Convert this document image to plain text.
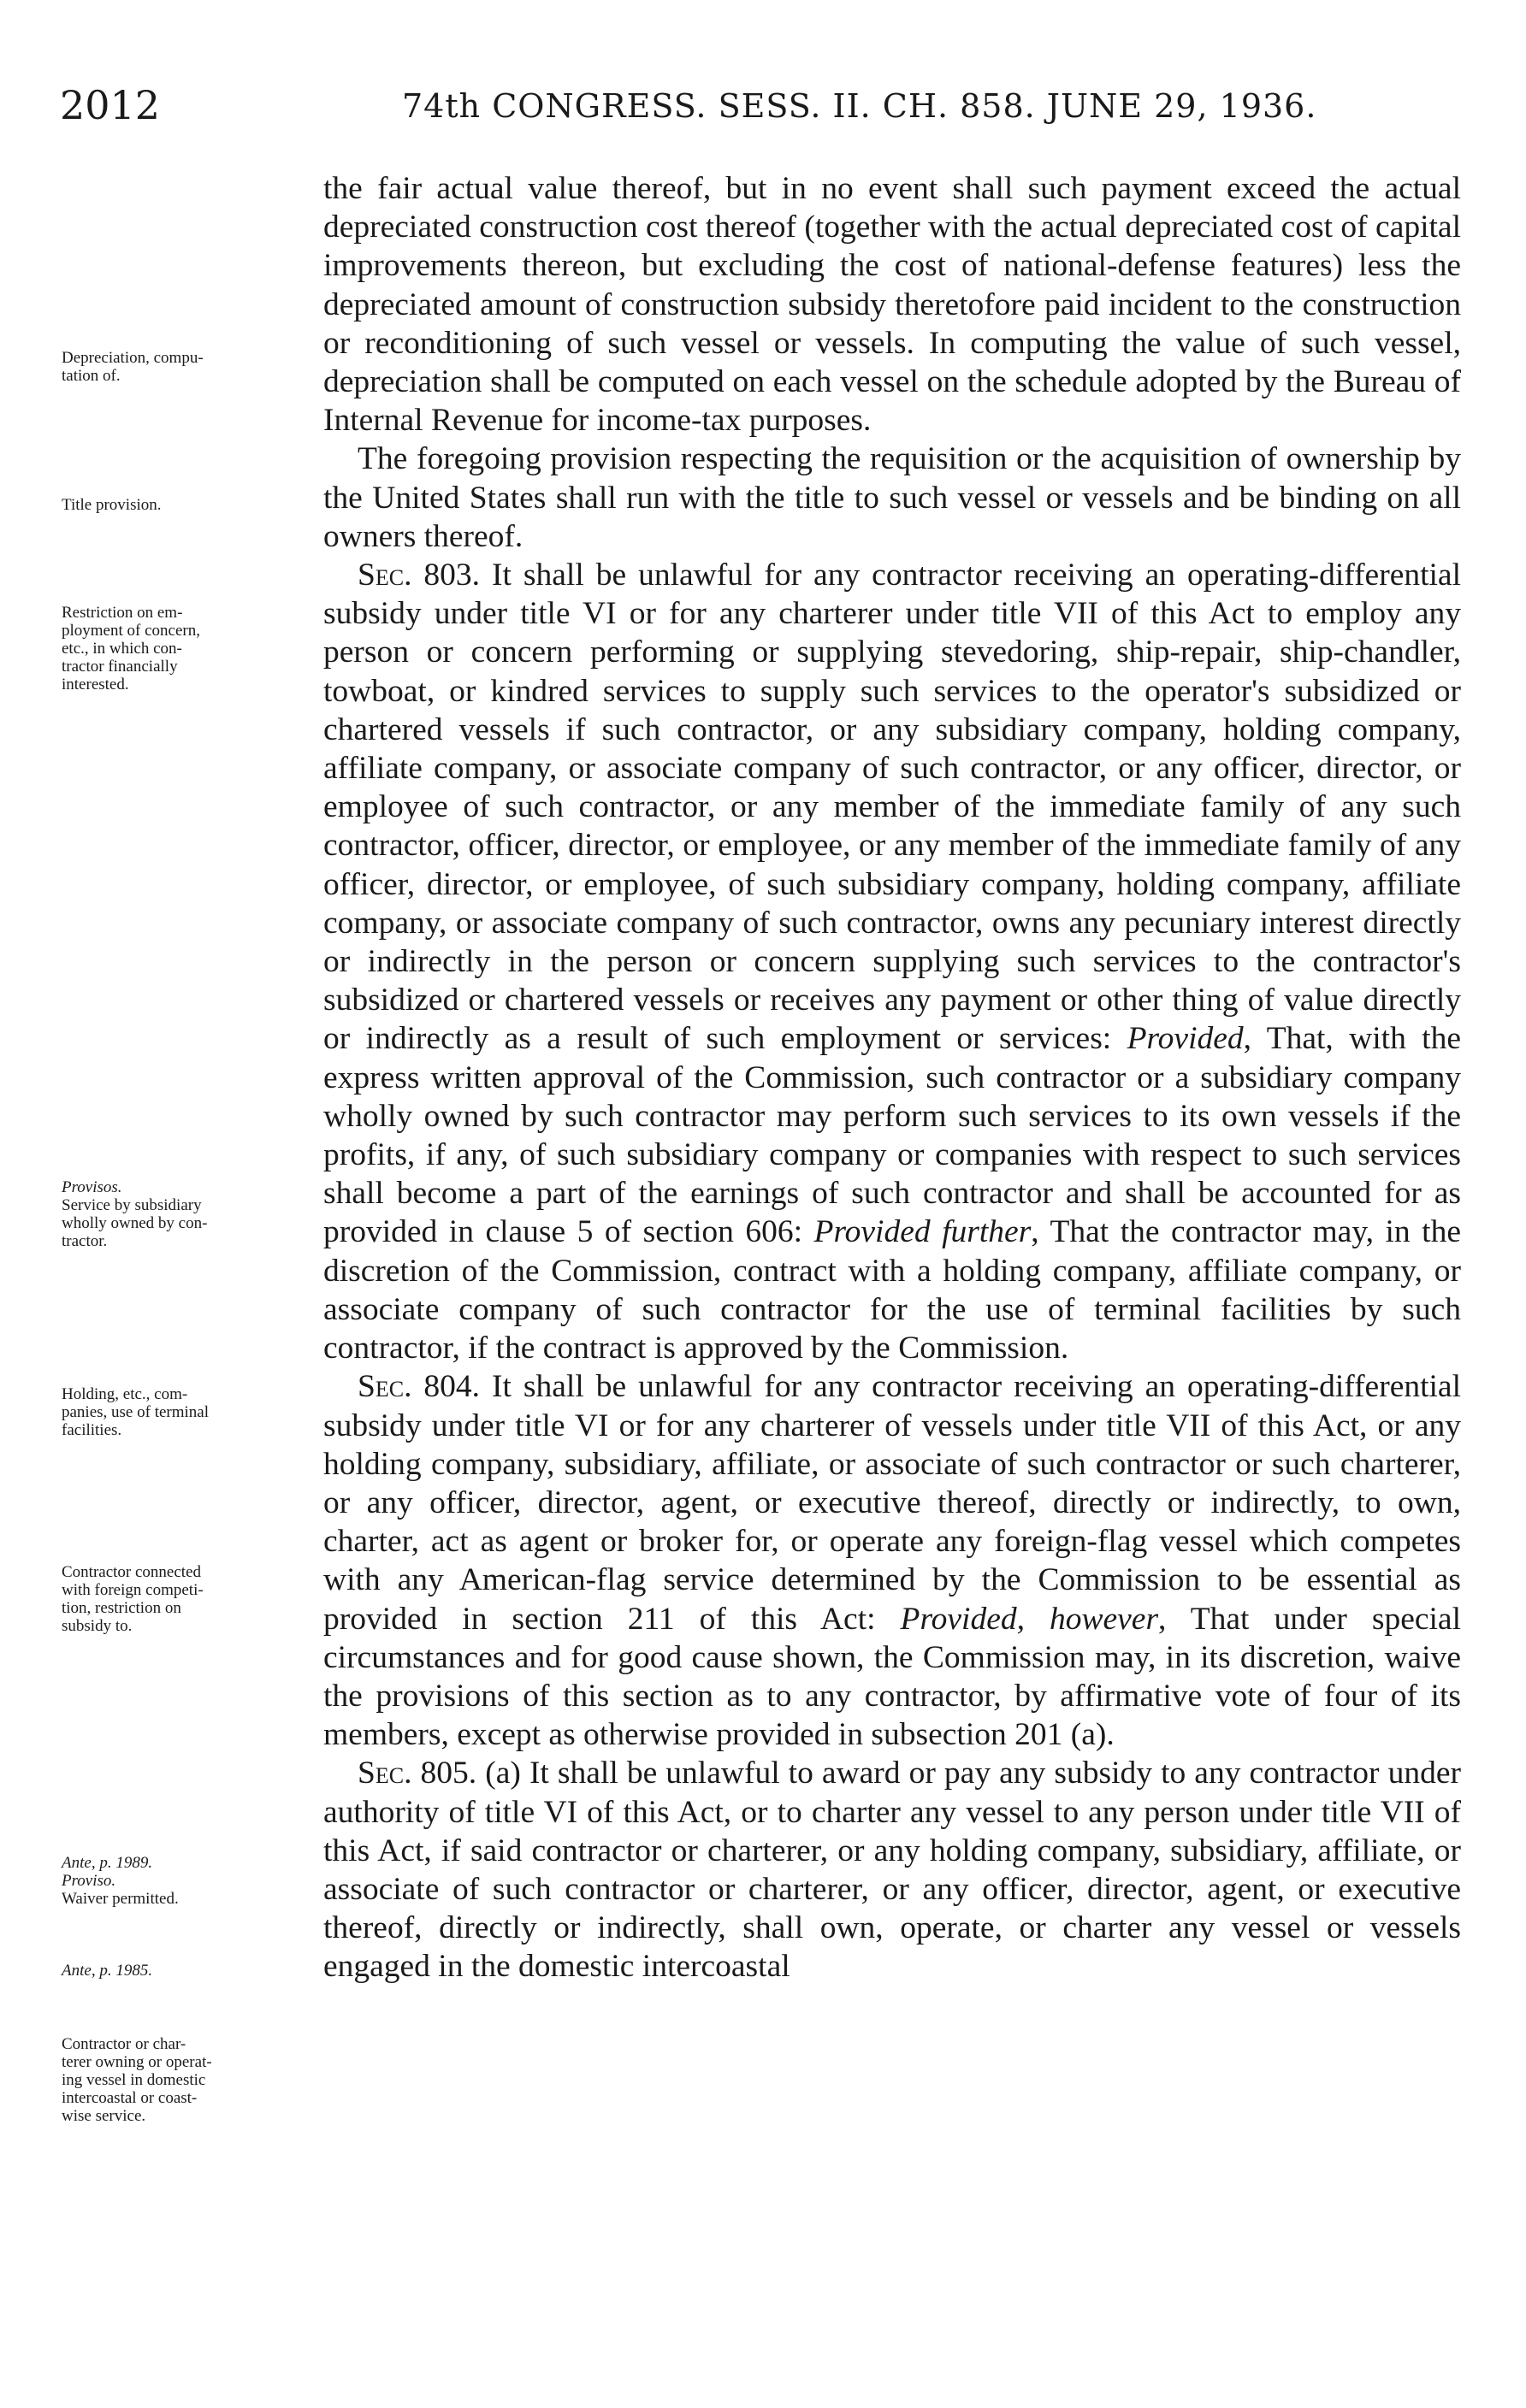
2012	74th CONGRESS. SESS. II. CH. 858. JUNE 29, 1936.
Depreciation, compu-
tation of.
Title provision.
Restriction on em-
ployment of concern,
etc., in which con-
tractor financially
interested.
Provisos.
Service by subsidiary
wholly owned by con-
tractor.
Holding, etc., com-
panies, use of terminal
facilities.
Contractor connected
with foreign competi-
tion, restriction on
subsidy to.
Ante, p. 1989.
Proviso.
Waiver permitted.
Ante, p. 1985.
Contractor or char-
terer owning or operat-
ing vessel in domestic
intercoastal or coast-
wise service.

the fair actual value thereof, but in no event shall such payment exceed the actual depreciated construction cost thereof (together with the actual depreciated cost of capital improvements thereon, but excluding the cost of national-defense features) less the depreciated amount of construction subsidy theretofore paid incident to the construction or reconditioning of such vessel or vessels. In computing the value of such vessel, depreciation shall be computed on each vessel on the schedule adopted by the Bureau of Internal Revenue for income-tax purposes.

The foregoing provision respecting the requisition or the acquisition of ownership by the United States shall run with the title to such vessel or vessels and be binding on all owners thereof.

Sec. 803. It shall be unlawful for any contractor receiving an operating-differential subsidy under title VI or for any charterer under title VII of this Act to employ any person or concern performing or supplying stevedoring, ship-repair, ship-chandler, towboat, or kindred services to supply such services to the operator's subsidized or chartered vessels if such contractor, or any subsidiary company, holding company, affiliate company, or associate company of such contractor, or any officer, director, or employee of such contractor, or any member of the immediate family of any such contractor, officer, director, or employee, or any member of the immediate family of any officer, director, or employee, of such subsidiary company, holding company, affiliate company, or associate company of such contractor, owns any pecuniary interest directly or indirectly in the person or concern supplying such services to the contractor's subsidized or chartered vessels or receives any payment or other thing of value directly or indirectly as a result of such employment or services: Provided, That, with the express written approval of the Commission, such contractor or a subsidiary company wholly owned by such contractor may perform such services to its own vessels if the profits, if any, of such subsidiary company or companies with respect to such services shall become a part of the earnings of such contractor and shall be accounted for as provided in clause 5 of section 606: Provided further, That the contractor may, in the discretion of the Commission, contract with a holding company, affiliate company, or associate company of such contractor for the use of terminal facilities by such contractor, if the contract is approved by the Commission.

Sec. 804. It shall be unlawful for any contractor receiving an operating-differential subsidy under title VI or for any charterer of vessels under title VII of this Act, or any holding company, subsidiary, affiliate, or associate of such contractor or such charterer, or any officer, director, agent, or executive thereof, directly or indirectly, to own, charter, act as agent or broker for, or operate any foreign-flag vessel which competes with any American-flag service determined by the Commission to be essential as provided in section 211 of this Act: Provided, however, That under special circumstances and for good cause shown, the Commission may, in its discretion, waive the provisions of this section as to any contractor, by affirmative vote of four of its members, except as otherwise provided in subsection 201 (a).

Sec. 805. (a) It shall be unlawful to award or pay any subsidy to any contractor under authority of title VI of this Act, or to charter any vessel to any person under title VII of this Act, if said contractor or charterer, or any holding company, subsidiary, affiliate, or associate of such contractor or charterer, or any officer, director, agent, or executive thereof, directly or indirectly, shall own, operate, or charter any vessel or vessels engaged in the domestic intercoastal
